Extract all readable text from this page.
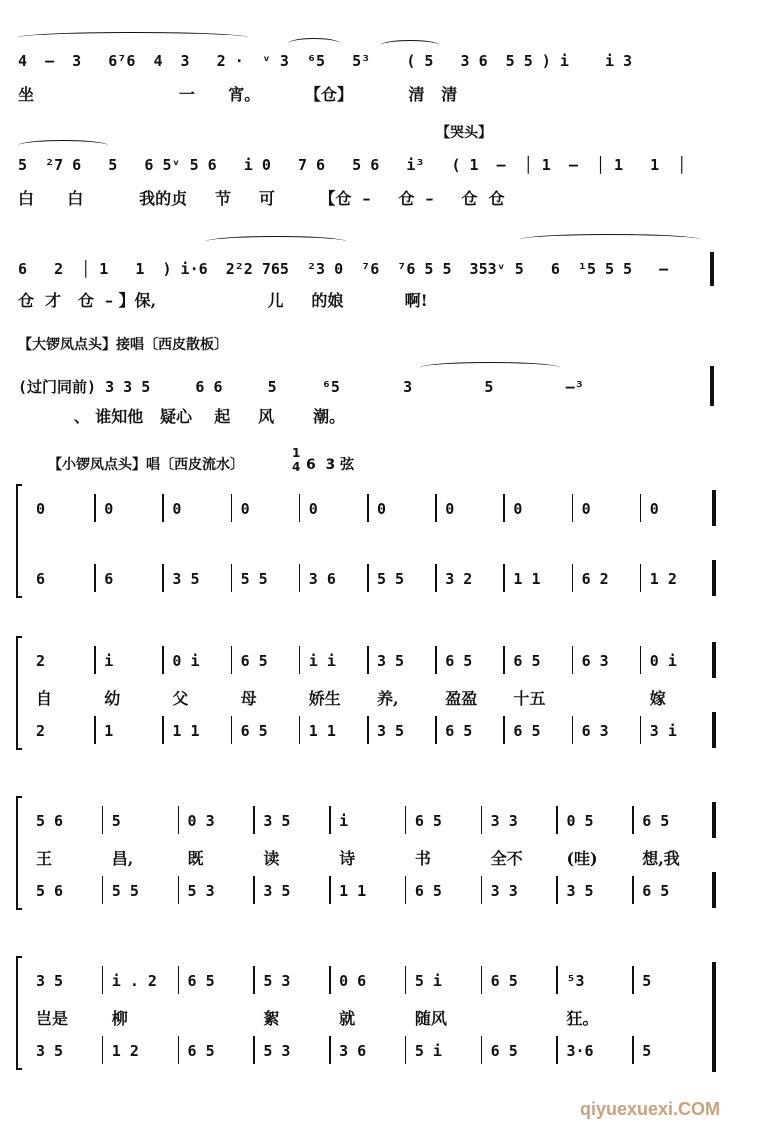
4  –  3   6⁷6  4  3   2 ·  ᵛ 3  ⁶5   5³    ( 5   3 6  5 5 ) i    i 3
坐                          一      宵。        【仓】          清   清
【哭头】
5  ²7 6   5   6 5ᵛ 5 6   i 0   7 6   5 6   i³   ( 1  –  │ 1  –  │ 1   1  │
白      白          我的贞     节     可        【仓  –     仓  –     仓  仓
6   2  │ 1   1  ) i·6  2²2 765  ²3 0  ⁷6  ⁷6 5 5  353ᵛ 5   6  ¹5 5 5   –
仓  才   仓  – 】保,                    儿     的娘           啊!
【大锣凤点头】接唱〔西皮散板〕
(过门同前) 3 3 5     6 6     5     ⁶5       3        5        –³
、 谁知他   疑心    起     风       潮。
【小锣凤点头】唱〔西皮流水〕
1
4 6  3 弦
0
6
0
6
0
3 5
0
5 5
0
3 6
0
5 5
0
3 2
0
1 1
0
6 2
0
1 2
2
自
2
i
幼
1
0 i
父
1 1
6 5
母
6 5
i i
娇生
1 1
3 5
养,
3 5
6 5
盈盈
6 5
6 5
十五
6 5
6 3
6 3
0 i
嫁
3 i
5 6
王
5 6
5
昌,
5 5
0 3
既
5 3
3 5
读
3 5
i
诗
1 1
6 5
书
6 5
3 3
全不
3 3
0 5
(哇)
3 5
6 5
想,我
6 5
3 5
岂是
3 5
i . 2
柳
1 2
6 5
6 5
5 3
絮
5 3
0 6
就
3 6
5 i
随风
5 i
6 5
6 5
⁵3
狂。
3·6
5
5
qiyuexuexi.COM
